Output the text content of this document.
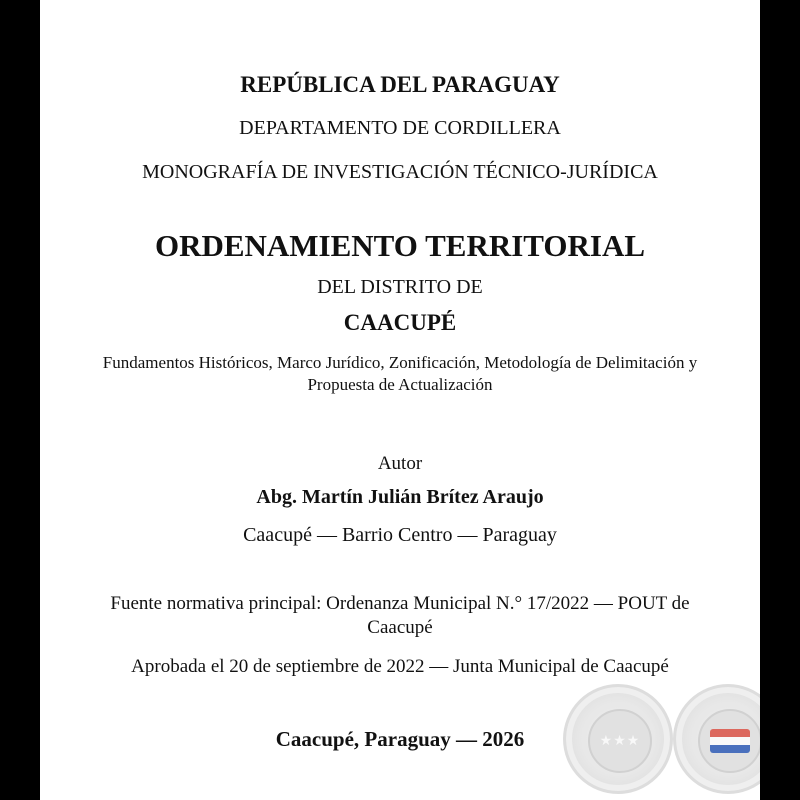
REPÚBLICA DEL PARAGUAY
DEPARTAMENTO DE CORDILLERA
MONOGRAFÍA DE INVESTIGACIÓN TÉCNICO-JURÍDICA
ORDENAMIENTO TERRITORIAL
DEL DISTRITO DE
CAACUPÉ
Fundamentos Históricos, Marco Jurídico, Zonificación, Metodología de Delimitación y Propuesta de Actualización
Autor
Abg. Martín Julián Brítez Araujo
Caacupé — Barrio Centro — Paraguay
Fuente normativa principal: Ordenanza Municipal N.° 17/2022 — POUT de Caacupé
Aprobada el 20 de septiembre de 2022 — Junta Municipal de Caacupé
Caacupé, Paraguay — 2026	★★★
